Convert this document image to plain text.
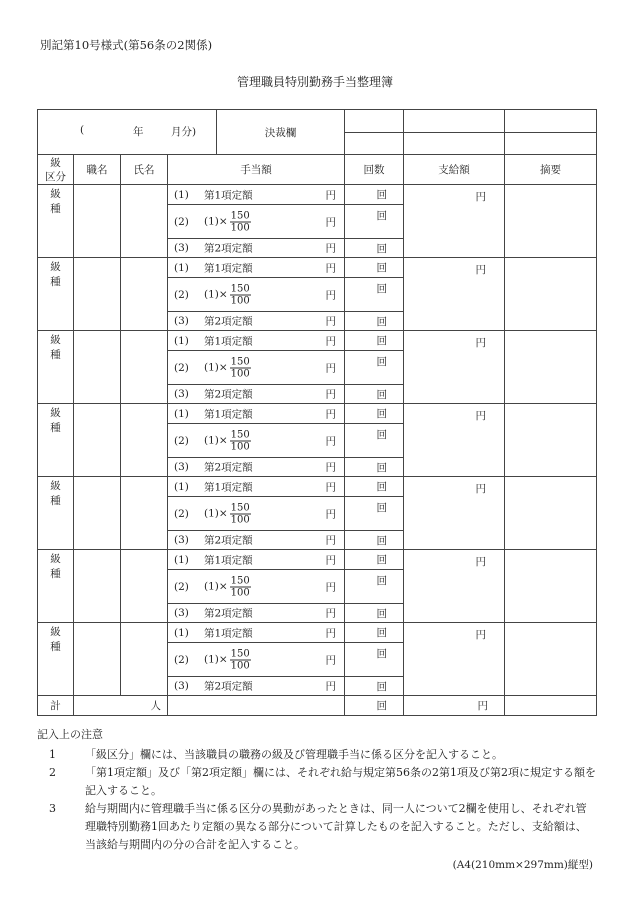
別記第10号様式(第56条の2関係)
管理職員特別勤務手当整理簿
( 年 月分)				決裁欄			

級
区分	職名	氏名	手当額		回数	支給額	摘要
級
種			(1) 第1項定額 円		回	円	

			(2) $(1)\times \frac{150}{100}$ 円		回		

			(3) 第2項定額 円		回		
級
種			(1) 第1項定額 円		回	円	

			(2) $(1)\times \frac{150}{100}$ 円		回		

			(3) 第2項定額 円		回		
級
種			(1) 第1項定額 円		回	円	

			(2) $(1)\times \frac{150}{100}$ 円		回		

			(3) 第2項定額 円		回		
級
種			(1) 第1項定額 円		回	円	

			(2) $(1)\times \frac{150}{100}$ 円		回		

			(3) 第2項定額 円		回		
級
種			(1) 第1項定額 円		回	円	

			(2) $(1)\times \frac{150}{100}$ 円		回		

			(3) 第2項定額 円		回		
級
種			(1) 第1項定額 円		回	円	

			(2) $(1)\times \frac{150}{100}$ 円		回		

			(3) 第2項定額 円		回		
級
種			(1) 第1項定額 円		回	円	

			(2) $(1)\times \frac{150}{100}$ 円		回		

			(3) 第2項定額 円		回		
計	人				回	円	
記入上の注意
1	「級区分」欄には、当該職員の職務の級及び管理職手当に係る区分を記入すること。
2	「第1項定額」及び「第2項定額」欄には、それぞれ給与規定第56条の2第1項及び第2項に規定する額を記入すること。
3	給与期間内に管理職手当に係る区分の異動があったときは、同一人について2欄を使用し、それぞれ管理職特別勤務1回あたり定額の異なる部分について計算したものを記入すること。ただし、支給額は、当該給与期間内の分の合計を記入すること。
(A4(210mm×297mm)縦型)
